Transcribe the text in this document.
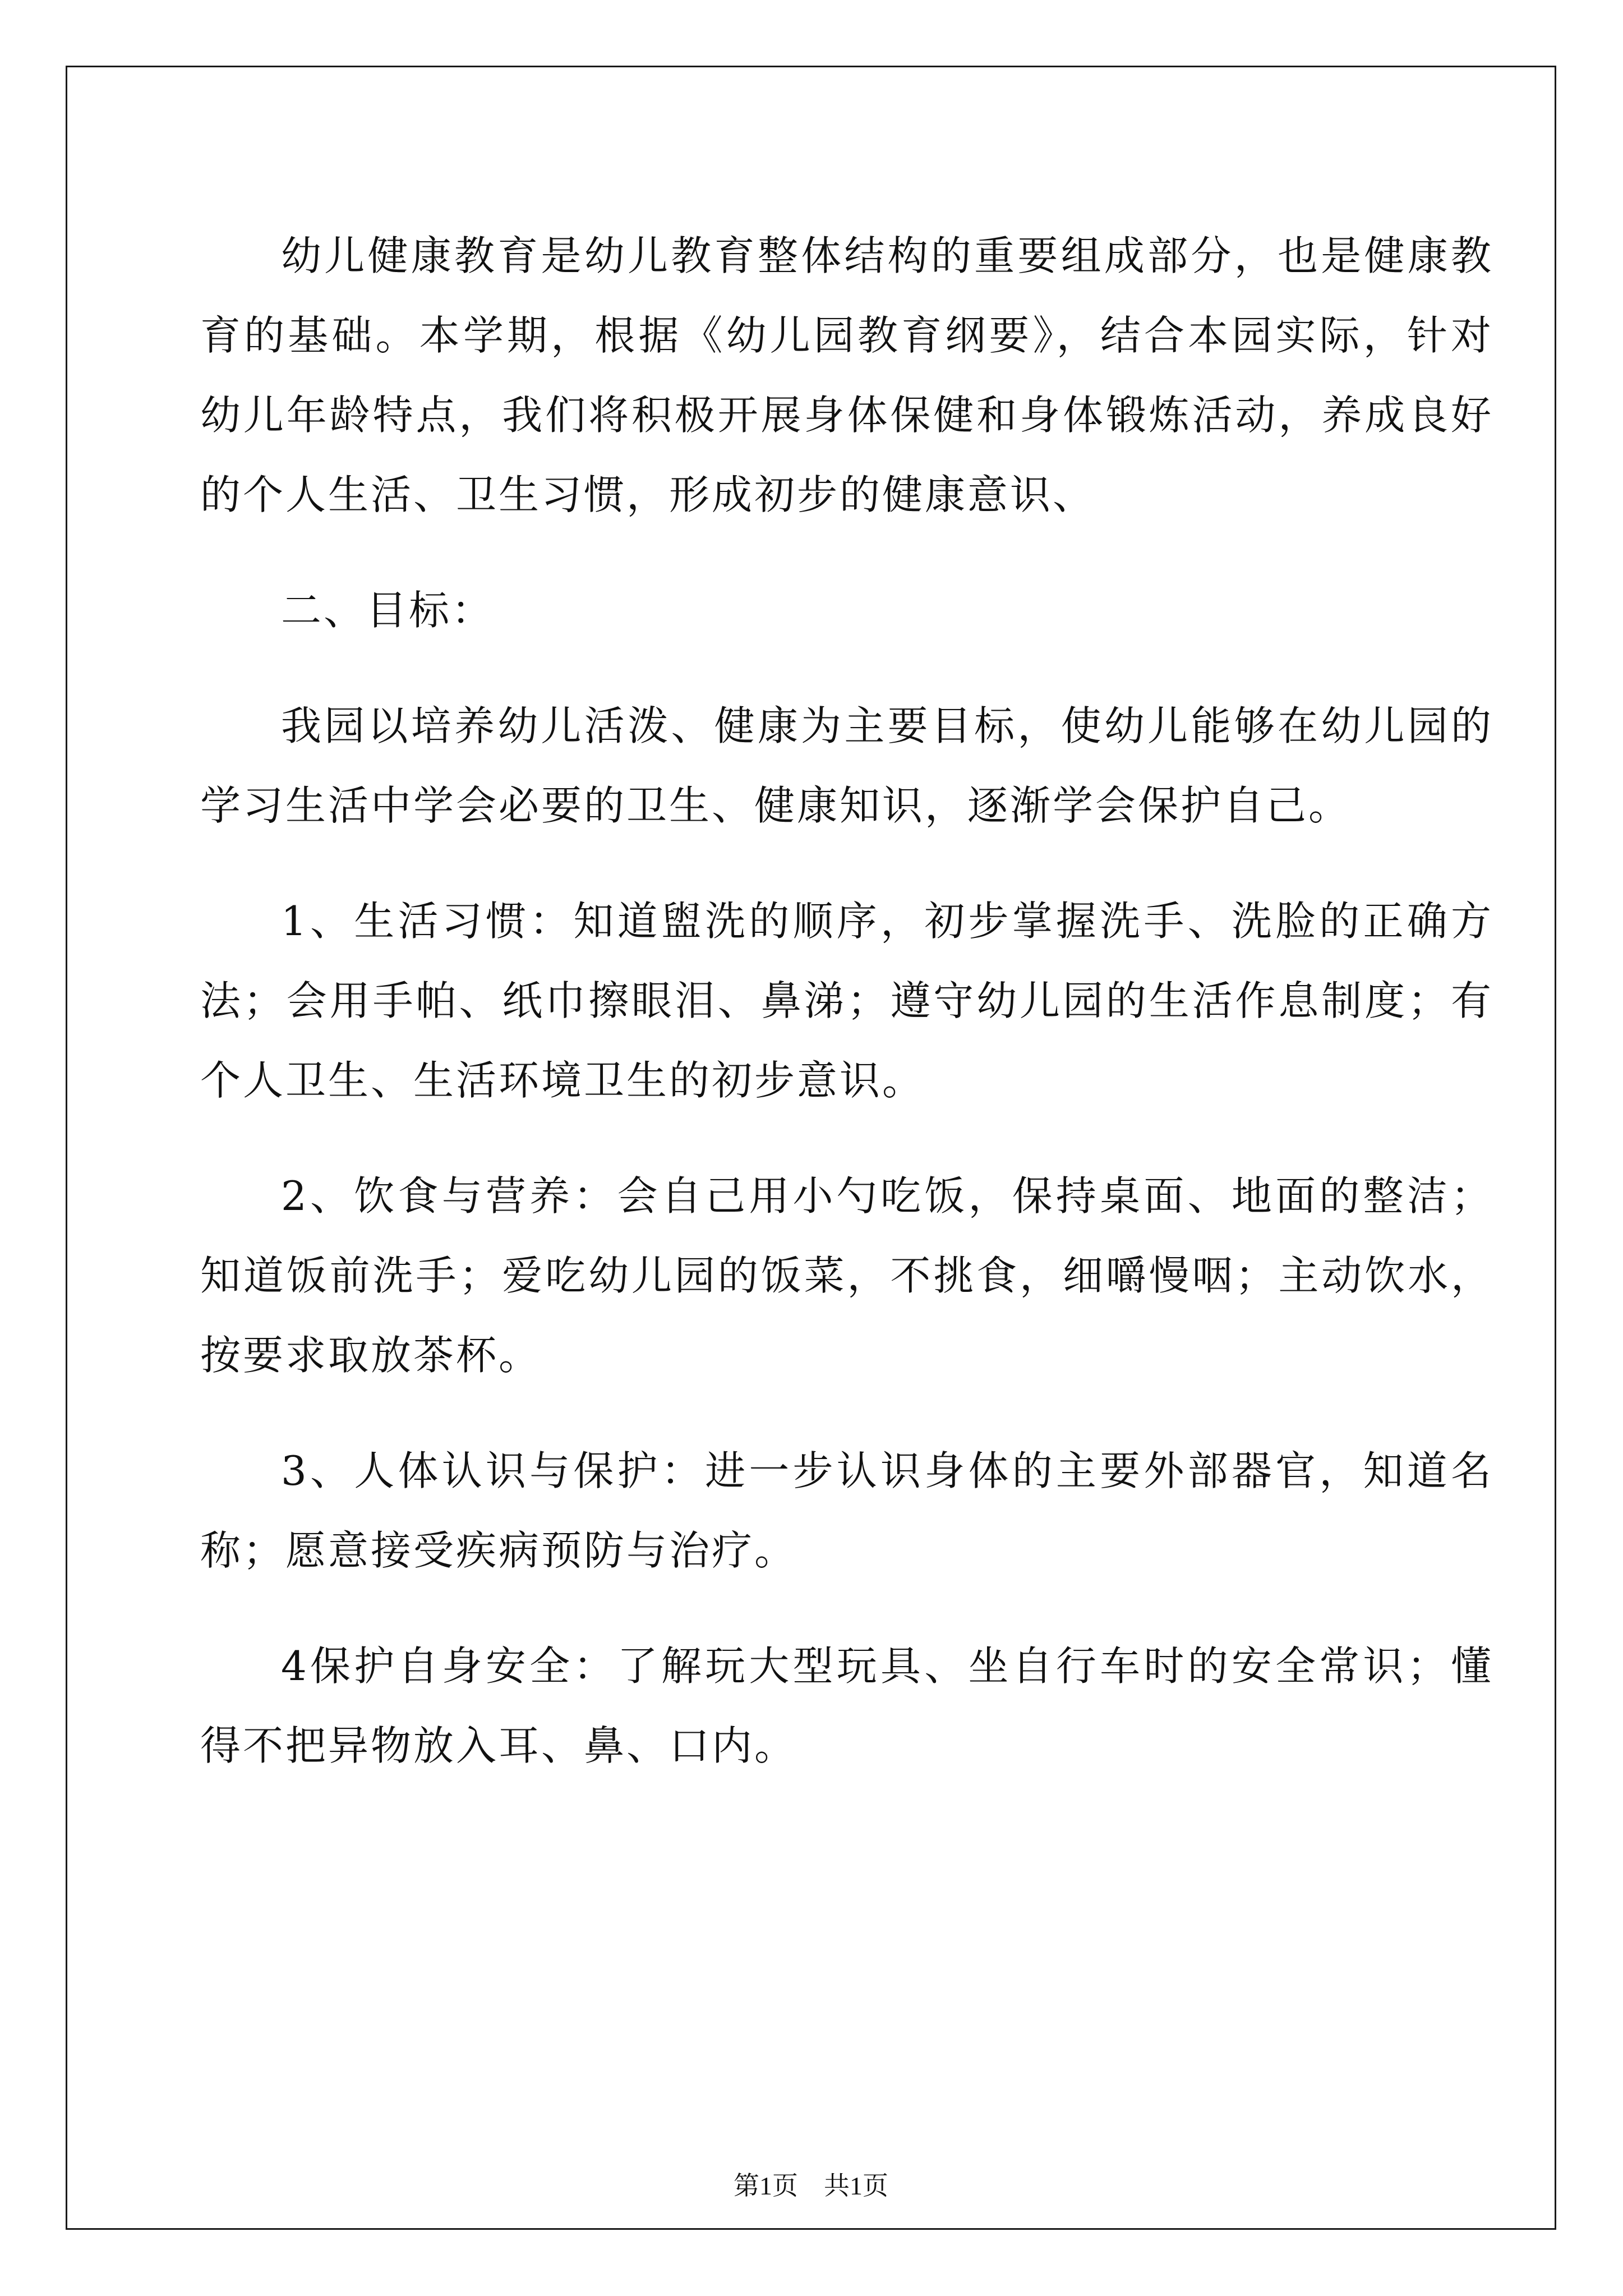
幼儿健康教育是幼儿教育整体结构的重要组成部分，也是健康教育的基础。本学期，根据《幼儿园教育纲要》，结合本园实际，针对幼儿年龄特点，我们将积极开展身体保健和身体锻炼活动，养成良好的个人生活、卫生习惯，形成初步的健康意识、

二、目标：

我园以培养幼儿活泼、健康为主要目标，使幼儿能够在幼儿园的学习生活中学会必要的卫生、健康知识，逐渐学会保护自己。

1、生活习惯：知道盥洗的顺序，初步掌握洗手、洗脸的正确方法；会用手帕、纸巾擦眼泪、鼻涕；遵守幼儿园的生活作息制度；有个人卫生、生活环境卫生的初步意识。

2、饮食与营养：会自己用小勺吃饭，保持桌面、地面的整洁；知道饭前洗手；爱吃幼儿园的饭菜，不挑食，细嚼慢咽；主动饮水，按要求取放茶杯。

3、人体认识与保护：进一步认识身体的主要外部器官，知道名称；愿意接受疾病预防与治疗。

4保护自身安全：了解玩大型玩具、坐自行车时的安全常识；懂得不把异物放入耳、鼻、口内。

第1页 共1页
